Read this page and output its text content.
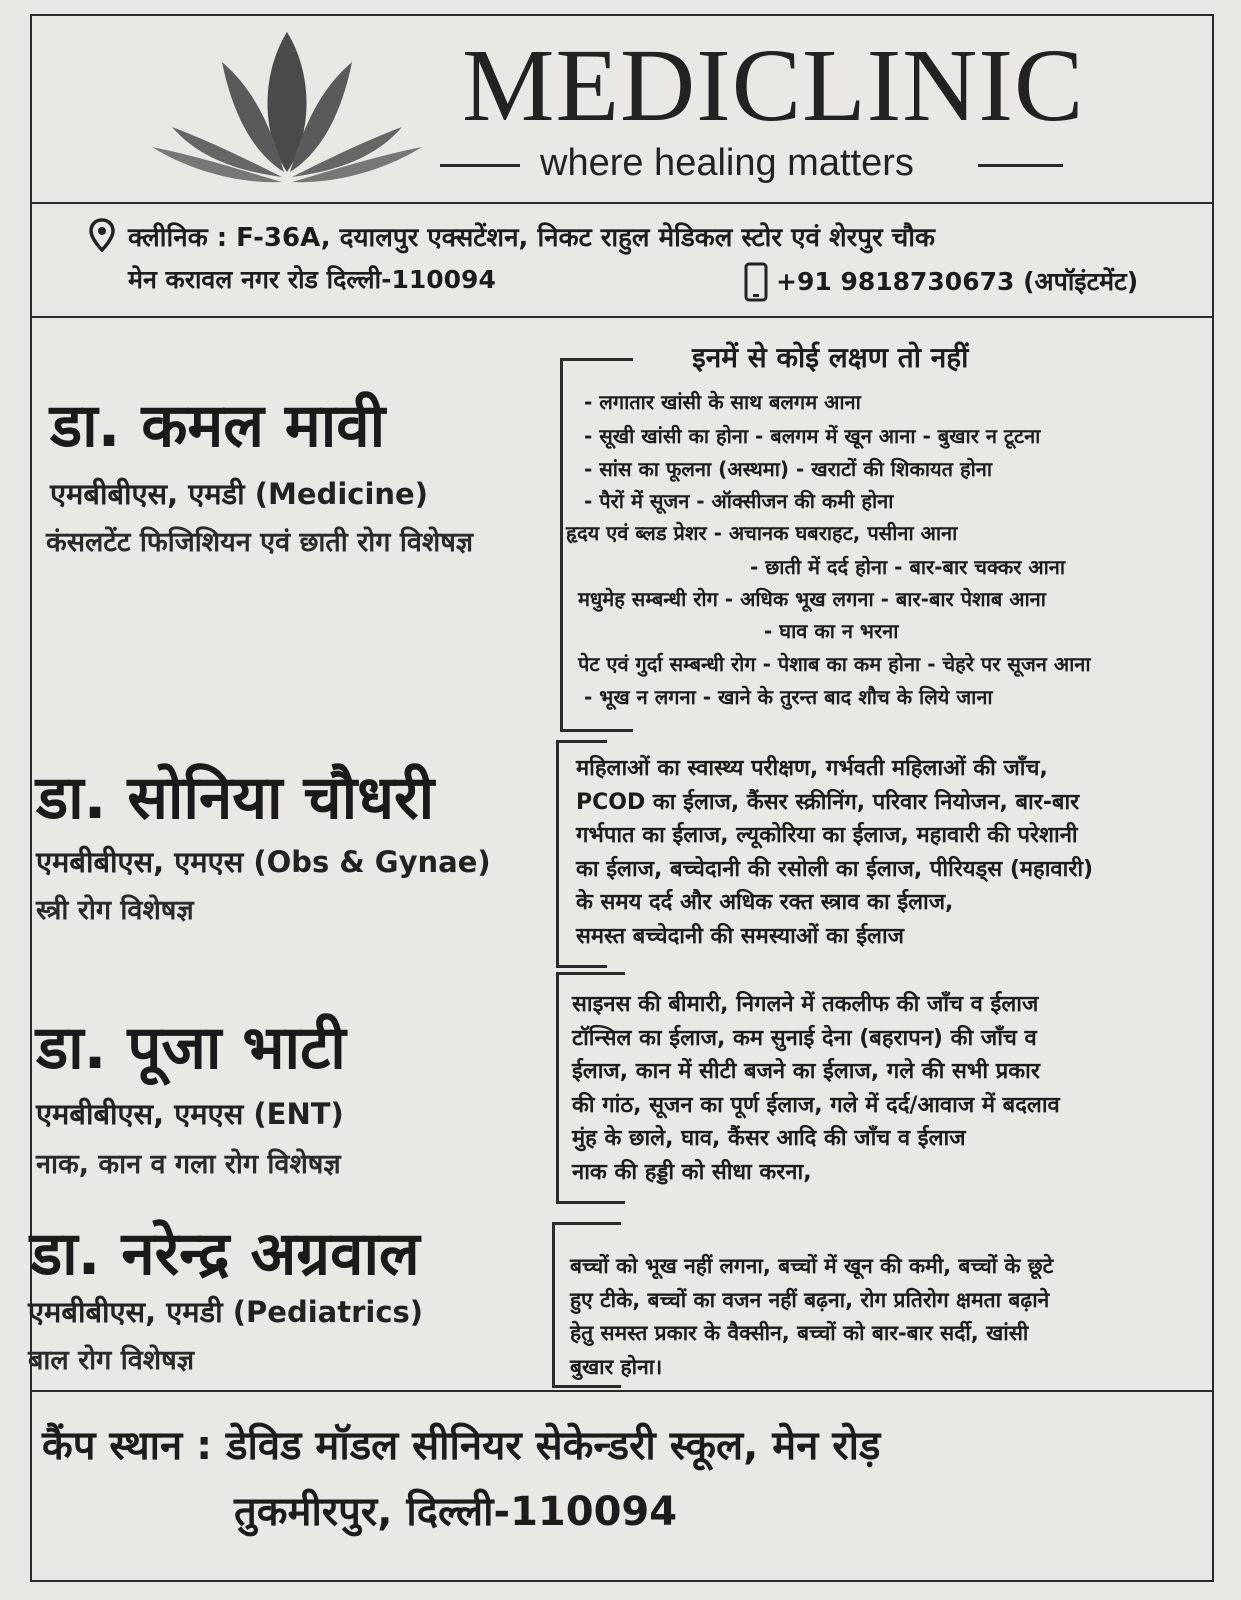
MEDICLINIC
where healing matters
क्लीनिक : F-36A, दयालपुर एक्सटेंशन, निकट राहुल मेडिकल स्टोर एवं शेरपुर चौक
मेन करावल नगर रोड दिल्ली-110094	+91 9818730673 (अपॉइंटमेंट)
डा. कमल मावी
एमबीबीएस, एमडी (Medicine)
कंसलटेंट फिजिशियन एवं छाती रोग विशेषज्ञ
इनमें से कोई लक्षण तो नहीं
- लगातार खांसी के साथ बलगम आना
- सूखी खांसी का होना - बलगम में खून आना - बुखार न टूटना
- सांस का फूलना (अस्थमा) - खराटों की शिकायत होना
- पैरों में सूजन - ऑक्सीजन की कमी होना
हृदय एवं ब्लड प्रेशर - अचानक घबराहट, पसीना आना
- छाती में दर्द होना - बार-बार चक्कर आना
मधुमेह सम्बन्धी रोग - अधिक भूख लगना - बार-बार पेशाब आना
- घाव का न भरना
पेट एवं गुर्दा सम्बन्धी रोग - पेशाब का कम होना - चेहरे पर सूजन आना
- भूख न लगना - खाने के तुरन्त बाद शौच के लिये जाना
डा. सोनिया चौधरी
एमबीबीएस, एमएस (Obs & Gynae)
स्त्री रोग विशेषज्ञ
महिलाओं का स्वास्थ्य परीक्षण, गर्भवती महिलाओं की जाँच,
PCOD का ईलाज, कैंसर स्क्रीनिंग, परिवार नियोजन, बार-बार
गर्भपात का ईलाज, ल्यूकोरिया का ईलाज, महावारी की परेशानी
का ईलाज, बच्चेदानी की रसोली का ईलाज, पीरियड्स (महावारी)
के समय दर्द और अधिक रक्त स्त्राव का ईलाज,
समस्त बच्चेदानी की समस्याओं का ईलाज
डा. पूजा भाटी
एमबीबीएस, एमएस (ENT)
नाक, कान व गला रोग विशेषज्ञ
साइनस की बीमारी, निगलने में तकलीफ की जाँच व ईलाज
टॉन्सिल का ईलाज, कम सुनाई देना (बहरापन) की जाँच व
ईलाज, कान में सीटी बजने का ईलाज, गले की सभी प्रकार
की गांठ, सूजन का पूर्ण ईलाज, गले में दर्द/आवाज में बदलाव
मुंह के छाले, घाव, कैंसर आदि की जाँच व ईलाज
नाक की हड्डी को सीधा करना,
डा. नरेन्द्र अग्रवाल
एमबीबीएस, एमडी (Pediatrics)
बाल रोग विशेषज्ञ
बच्चों को भूख नहीं लगना, बच्चों में खून की कमी, बच्चों के छूटे
हुए टीके, बच्चों का वजन नहीं बढ़ना, रोग प्रतिरोग क्षमता बढ़ाने
हेतु समस्त प्रकार के वैक्सीन, बच्चों को बार-बार सर्दी, खांसी
बुखार होना।
कैंप स्थान : डेविड मॉडल सीनियर सेकेन्डरी स्कूल, मेन रोड़
तुकमीरपुर, दिल्ली-110094
